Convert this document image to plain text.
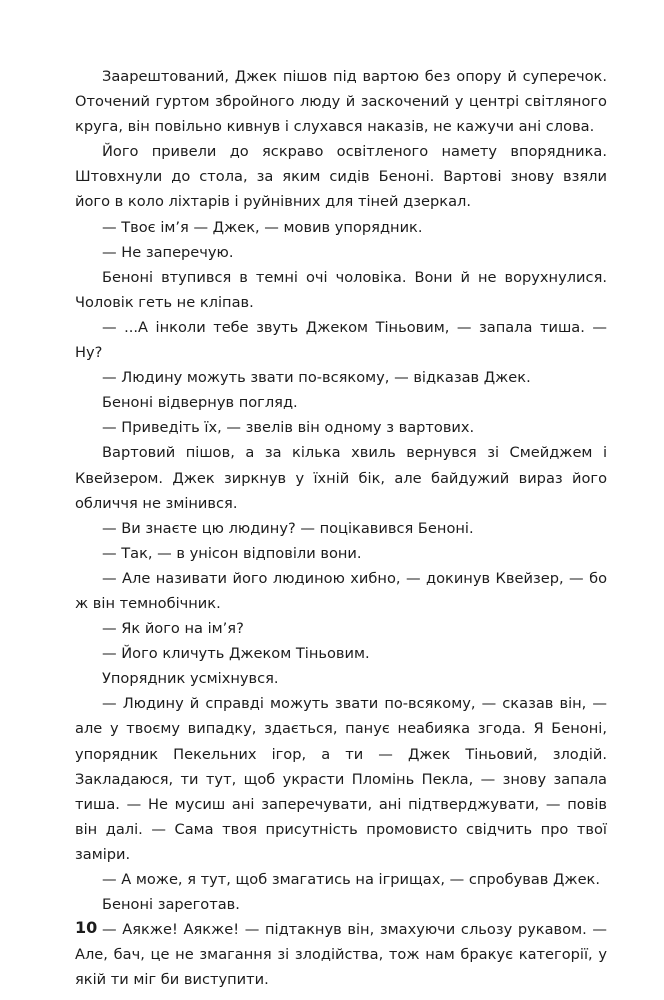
Заарештований, Джек пішов під вартою без опору й суперечок. Оточений гуртом збройного люду й заскочений у центрі світляного круга, він повільно кивнув і слухався наказів, не кажучи ані слова.

Його привели до яскраво освітленого намету впорядника. Штовхнули до стола, за яким сидів Беноні. Вартові знову взяли його в коло ліхтарів і руйнівних для тіней дзеркал.

— Твоє ім’я — Джек, — мовив упорядник.

— Не заперечую.

Беноні втупився в темні очі чоловіка. Вони й не ворухнулися. Чоловік геть не кліпав.

— ...А інколи тебе звуть Джеком Тіньовим, — запала тиша. — Ну?

— Людину можуть звати по-всякому, — відказав Джек.

Беноні відвернув погляд.

— Приведіть їх, — звелів він одному з вартових.

Вартовий пішов, а за кілька хвиль вернувся зі Смейджем і Квейзером. Джек зиркнув у їхній бік, але байдужий вираз його обличчя не змінився.

— Ви знаєте цю людину? — поцікавився Беноні.

— Так, — в унісон відповіли вони.

— Але називати його людиною хибно, — докинув Квейзер, — бо ж він темнобічник.

— Як його на ім’я?

— Його кличуть Джеком Тіньовим.

Упорядник усміхнувся.

— Людину й справді можуть звати по-всякому, — сказав він, — але у твоєму випадку, здається, панує неабияка згода. Я Беноні, упорядник Пекельних ігор, а ти — Джек Тіньовий, злодій. Закладаюся, ти тут, щоб украсти Пломінь Пекла, — знову запала тиша. — Не мусиш ані заперечувати, ані підтверджувати, — повів він далі. — Сама твоя присутність промовисто свідчить про твої заміри.

— А може, я тут, щоб змагатись на ігрищах, — спробував Джек.

Беноні зареготав.

— Аякже! Аякже! — підтакнув він, змахуючи сльозу рукавом. — Але, бач, це не змагання зі злодійства, тож нам бракує категорії, у якій ти міг би виступити.

10
